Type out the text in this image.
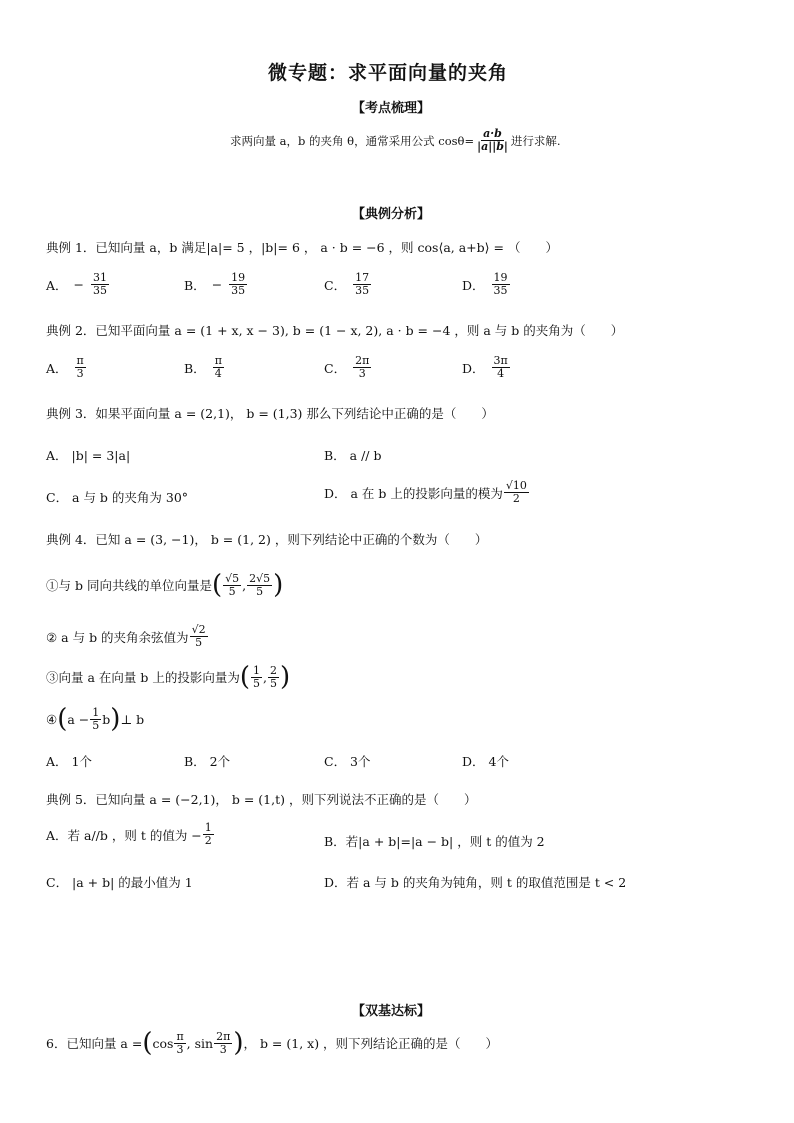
微专题：求平面向量的夹角
【考点梳理】
求两向量 a，b 的夹角 θ，通常采用公式 $\cos\theta= \frac{a\cdot b}{|a||b|}$ 进行求解.
【典例分析】
典例 1．已知向量 a，b 满足|a|= 5 ，|b|= 6 ， a · b = −6 ，则 cos⟨a, a+b⟩ = （　　）
A． − $\frac{31}{35}$	B． − $\frac{19}{35}$	C． $\frac{17}{35}$	D． $\frac{19}{35}$
典例 2．已知平面向量 a = (1 + x, x − 3), b = (1 − x, 2), a · b = −4 ，则 a 与 b 的夹角为（　　）
A． $\frac{\pi}{3}$	B． $\frac{\pi}{4}$	C． $\frac{2\pi}{3}$	D． $\frac{3\pi}{4}$
典例 3．如果平面向量 a = (2,1)， b = (1,3) 那么下列结论中正确的是（　　）
A． |b| = 3|a|	B． a // b
C． a 与 b 的夹角为 30°	D． a 在 b 上的投影向量的模为 $\frac{√10}{2}$
典例 4．已知 a = (3, −1)， b = (1, 2) ，则下列结论中正确的个数为（　　）
①与 b 同向共线的单位向量是 ( $\frac{√5}{5}$ , $\frac{2√5}{5}$ )
② a 与 b 的夹角余弦值为 $\frac{√2}{5}$
③向量 a 在向量 b 上的投影向量为 ( $\frac{1}{5}$ , $\frac{2}{5}$ )
④ ( $a - \frac{1}{5}$ b ) ⊥ b
A． 1个	B． 2个	C． 3个	D． 4个
典例 5．已知向量 a = (−2,1)， b = (1,t) ，则下列说法不正确的是（　　）
A．若 a//b ，则 t 的值为 − $\frac{1}{2}$	B．若|a + b|=|a − b| ，则 t 的值为 2
C． |a + b| 的最小值为 1	D．若 a 与 b 的夹角为钝角，则 t 的取值范围是 t < 2
【双基达标】
6．已知向量 a = ( $\cos \frac{\pi}{3}$ , $\sin \frac{2\pi}{3}$ ) ， b = (1, x) ，则下列结论正确的是（　　）
